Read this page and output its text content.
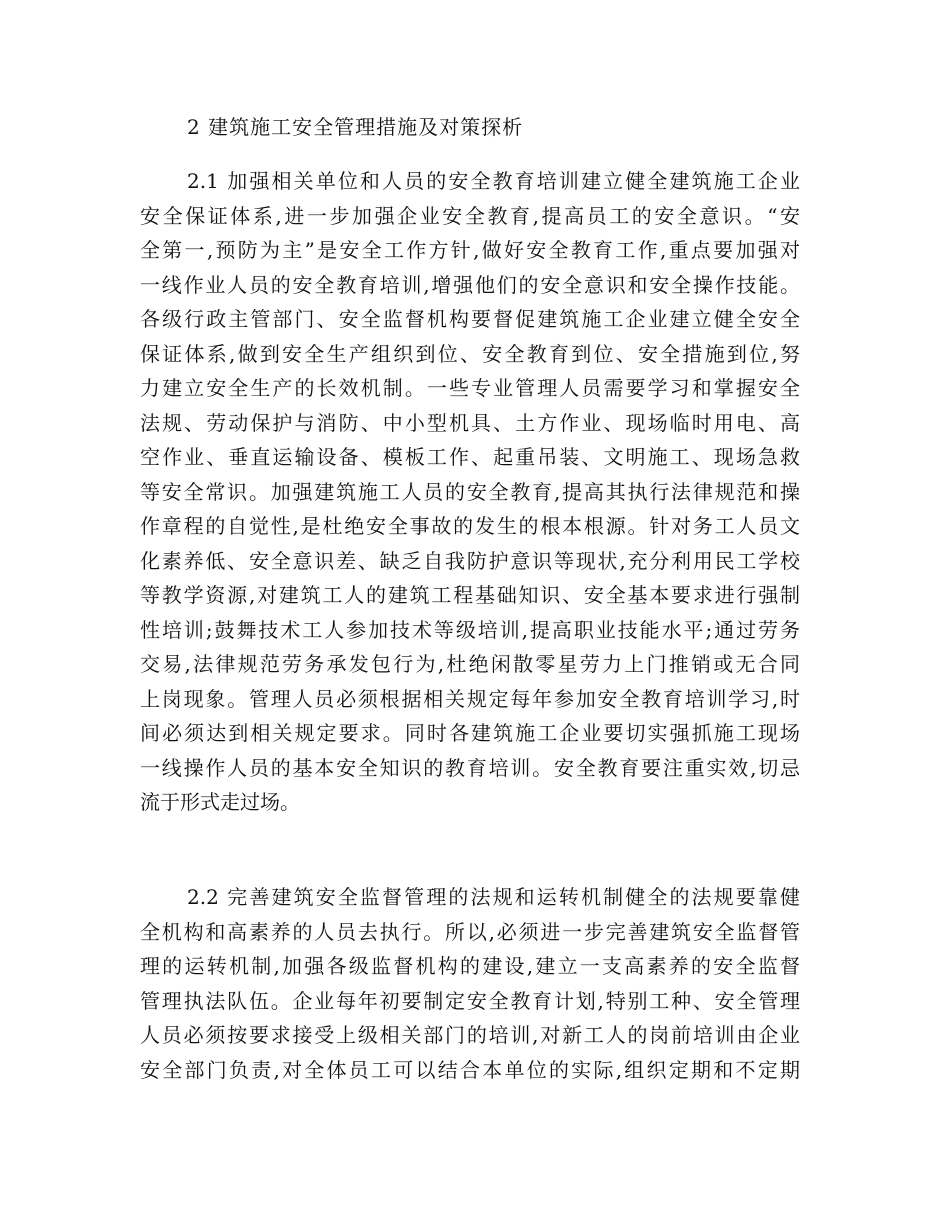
2 建筑施工安全管理措施及对策探析
2.1 加强相关单位和人员的安全教育培训建立健全建筑施工企业
安全保证体系,进一步加强企业安全教育,提高员工的安全意识。“安
全第一,预防为主”是安全工作方针,做好安全教育工作,重点要加强对
一线作业人员的安全教育培训,增强他们的安全意识和安全操作技能。
各级行政主管部门、安全监督机构要督促建筑施工企业建立健全安全
保证体系,做到安全生产组织到位、安全教育到位、安全措施到位,努
力建立安全生产的长效机制。一些专业管理人员需要学习和掌握安全
法规、劳动保护与消防、中小型机具、土方作业、现场临时用电、高
空作业、垂直运输设备、模板工作、起重吊装、文明施工、现场急救
等安全常识。加强建筑施工人员的安全教育,提高其执行法律规范和操
作章程的自觉性,是杜绝安全事故的发生的根本根源。针对务工人员文
化素养低、安全意识差、缺乏自我防护意识等现状,充分利用民工学校
等教学资源,对建筑工人的建筑工程基础知识、安全基本要求进行强制
性培训;鼓舞技术工人参加技术等级培训,提高职业技能水平;通过劳务
交易,法律规范劳务承发包行为,杜绝闲散零星劳力上门推销或无合同
上岗现象。管理人员必须根据相关规定每年参加安全教育培训学习,时
间必须达到相关规定要求。同时各建筑施工企业要切实强抓施工现场
一线操作人员的基本安全知识的教育培训。安全教育要注重实效,切忌
流于形式走过场。
2.2 完善建筑安全监督管理的法规和运转机制健全的法规要靠健
全机构和高素养的人员去执行。所以,必须进一步完善建筑安全监督管
理的运转机制,加强各级监督机构的建设,建立一支高素养的安全监督
管理执法队伍。企业每年初要制定安全教育计划,特别工种、安全管理
人员必须按要求接受上级相关部门的培训,对新工人的岗前培训由企业
安全部门负责,对全体员工可以结合本单位的实际,组织定期和不定期
